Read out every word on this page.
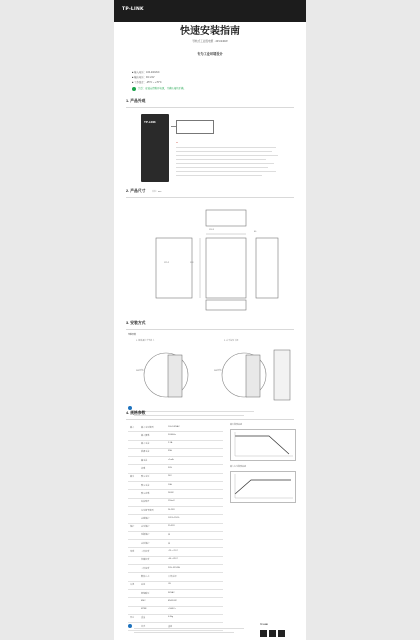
TP-LINK
快速安装指南
导轨式工业级电源 · 24V/240W
专为工业环境设计
■ 输入电压：100-240VAC
■ 输出电压：DC 24V
■ 工作温度：-25°C ~ +70°C
注意：安装前请断开电源，并确认接线正确。
1. 产品外观
TP-LINK
▲
2. 产品尺寸	单位：mm
124.5
123
60
125.2
3. 安装方式
导轨安装
1. 将设备挂于导轨上	2. 向下按压卡扣
DIN导轨	DIN导轨
4. 规格参数
输入	输入电压范围	100-240VAC
输入频率	50/60Hz
输入电流	2.5A
浪涌电流	35A
漏电流	<1mA
效率	90%
输出	额定电压	24V
额定电流	10A
额定功率	240W
纹波噪声	150mV
电压调节范围	24-28V
过载保护	105%-150%
保护	过压保护	29-33V
短路保护	是
过温保护	是
环境	工作温度	-25~+70°C
存储温度	-40~+85°C
工作湿度	20%-95%RH
散热方式	自然冷却
安规	认证	CE
绝缘耐压	3KVAC
EMC	EN55032
MTBF	>500K h
其它	重量	0.8kg
外壳	金属
输出降额曲线
输入电压降额曲线
TP-LINK
